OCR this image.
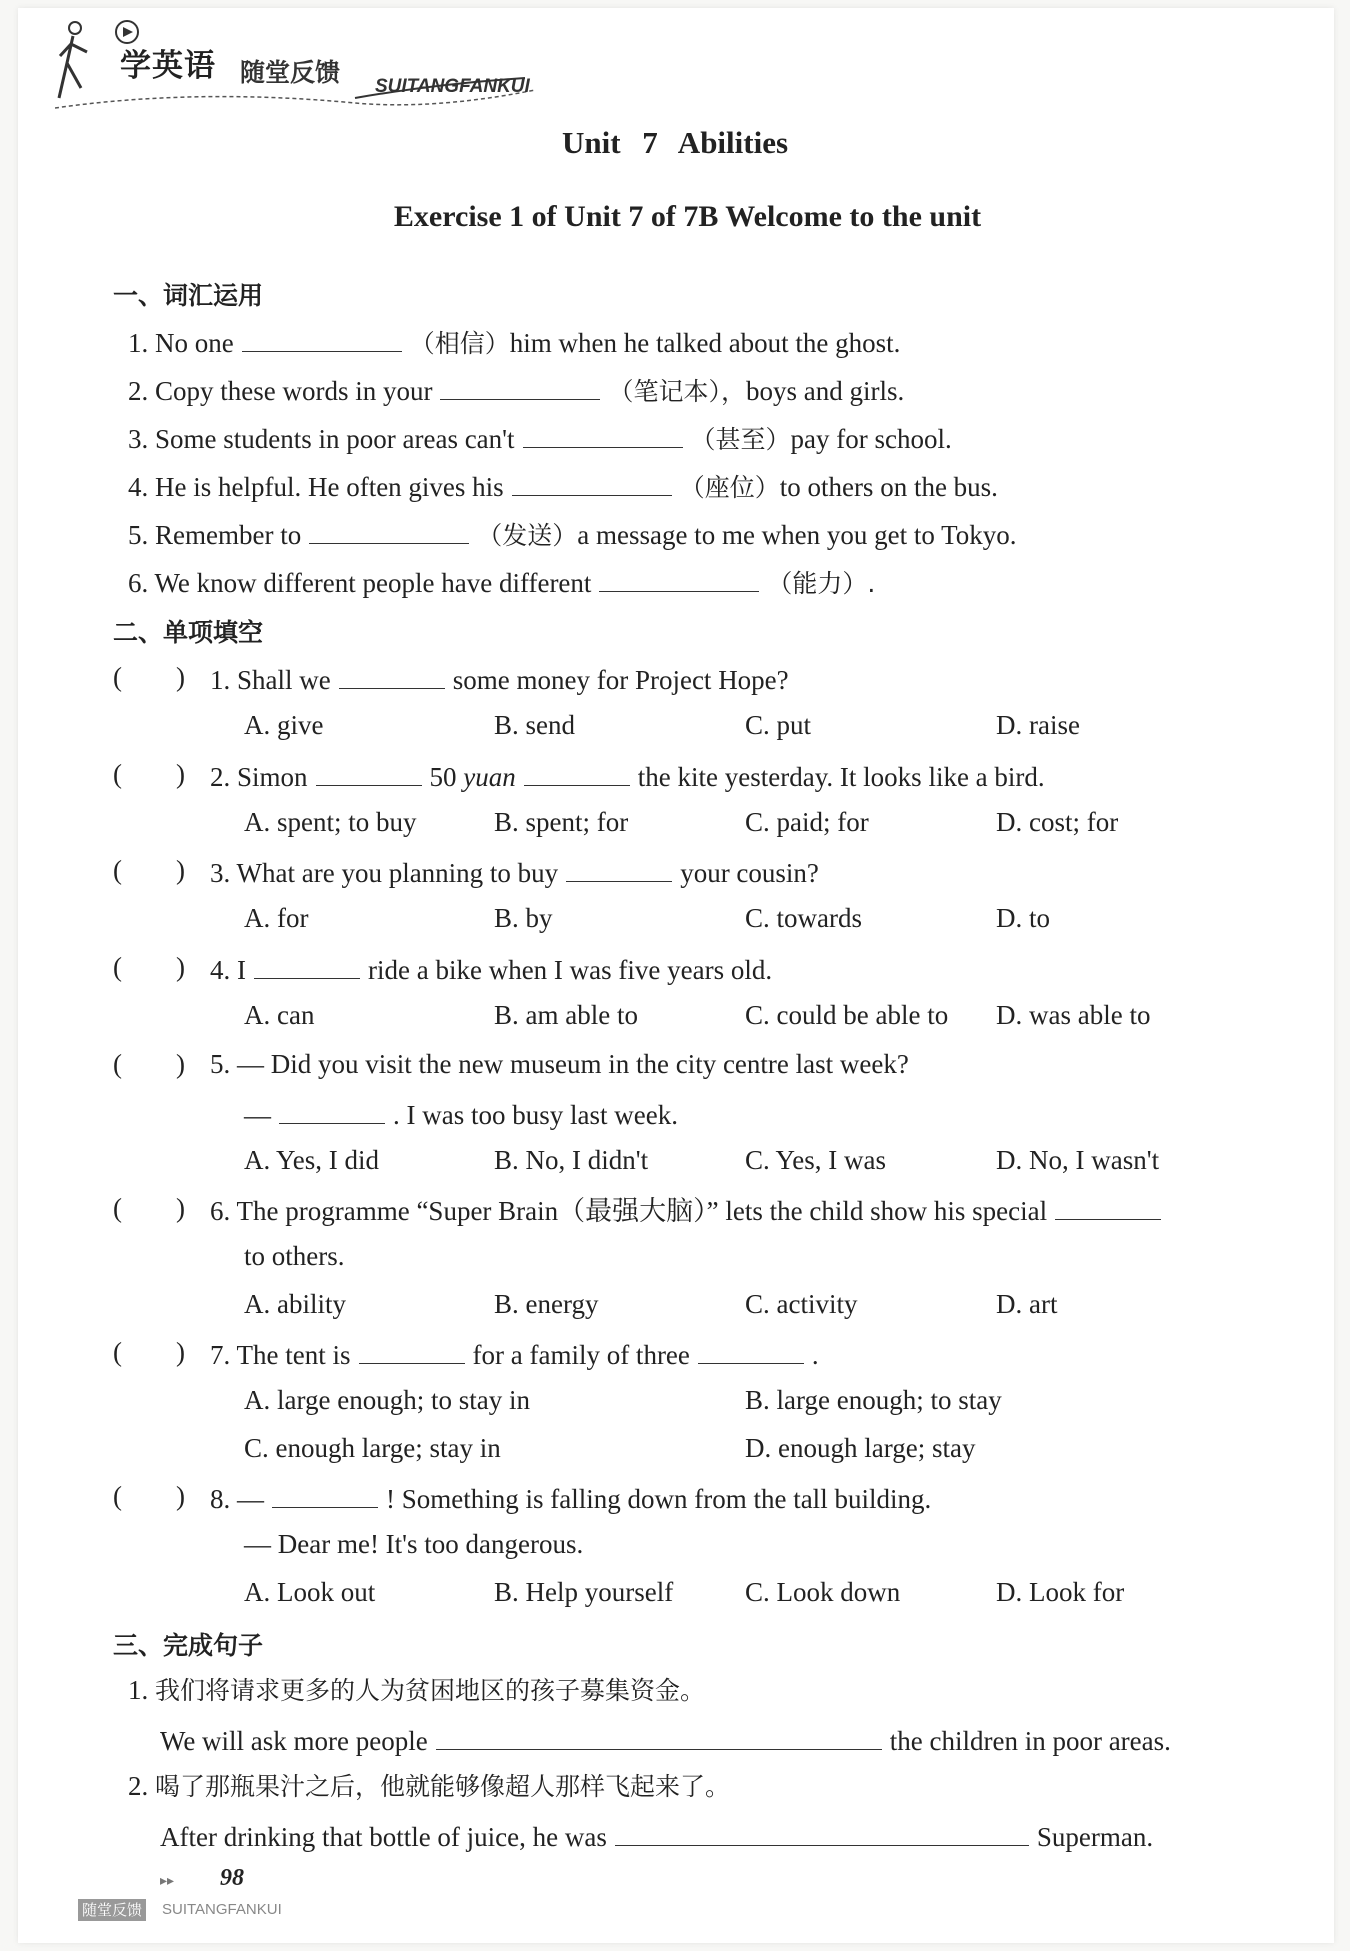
学英语 随堂反馈 SUITANGFANKUI
Unit 7 Abilities
Exercise 1 of Unit 7 of 7B Welcome to the unit
一、词汇运用
1. No one	（相信）him when he talked about the ghost.
2. Copy these words in your	（笔记本），boys and girls.
3. Some students in poor areas can't	（甚至）pay for school.
4. He is helpful. He often gives his	（座位）to others on the bus.
5. Remember to	（发送）a message to me when you get to Tokyo.
6. We know different people have different	（能力）.
二、单项填空
(        ) 1. Shall we	some money for Project Hope?
A. give	B. send	C. put	D. raise
(        ) 2. Simon	50 yuan	the kite yesterday. It looks like a bird.
A. spent; to buy	B. spent; for	C. paid; for	D. cost; for
(        ) 3. What are you planning to buy	your cousin?
A. for	B. by	C. towards	D. to
(        ) 4. I	ride a bike when I was five years old.
A. can	B. am able to	C. could be able to D. was able to
(        ) 5. — Did you visit the new museum in the city centre last week?
—	. I was too busy last week.
A. Yes, I did	B. No, I didn't	C. Yes, I was	D. No, I wasn't
(        ) 6. The programme “Super Brain（最强大脑）” lets the child show his special
to others.
A. ability	B. energy	C. activity	D. art
(        ) 7. The tent is	for a family of three	.
A. large enough; to stay in	B. large enough; to stay
C. enough large; stay in	D. enough large; stay
(        ) 8. —	! Something is falling down from the tall building.
— Dear me! It's too dangerous.
A. Look out	B. Help yourself	C. Look down	D. Look for
三、完成句子
1. 我们将请求更多的人为贫困地区的孩子募集资金。
We will ask more people	the children in poor areas.
2. 喝了那瓶果汁之后，他就能够像超人那样飞起来了。
After drinking that bottle of juice, he was	Superman.
▸▸ 98
随堂反馈 SUITANGFANKUI
